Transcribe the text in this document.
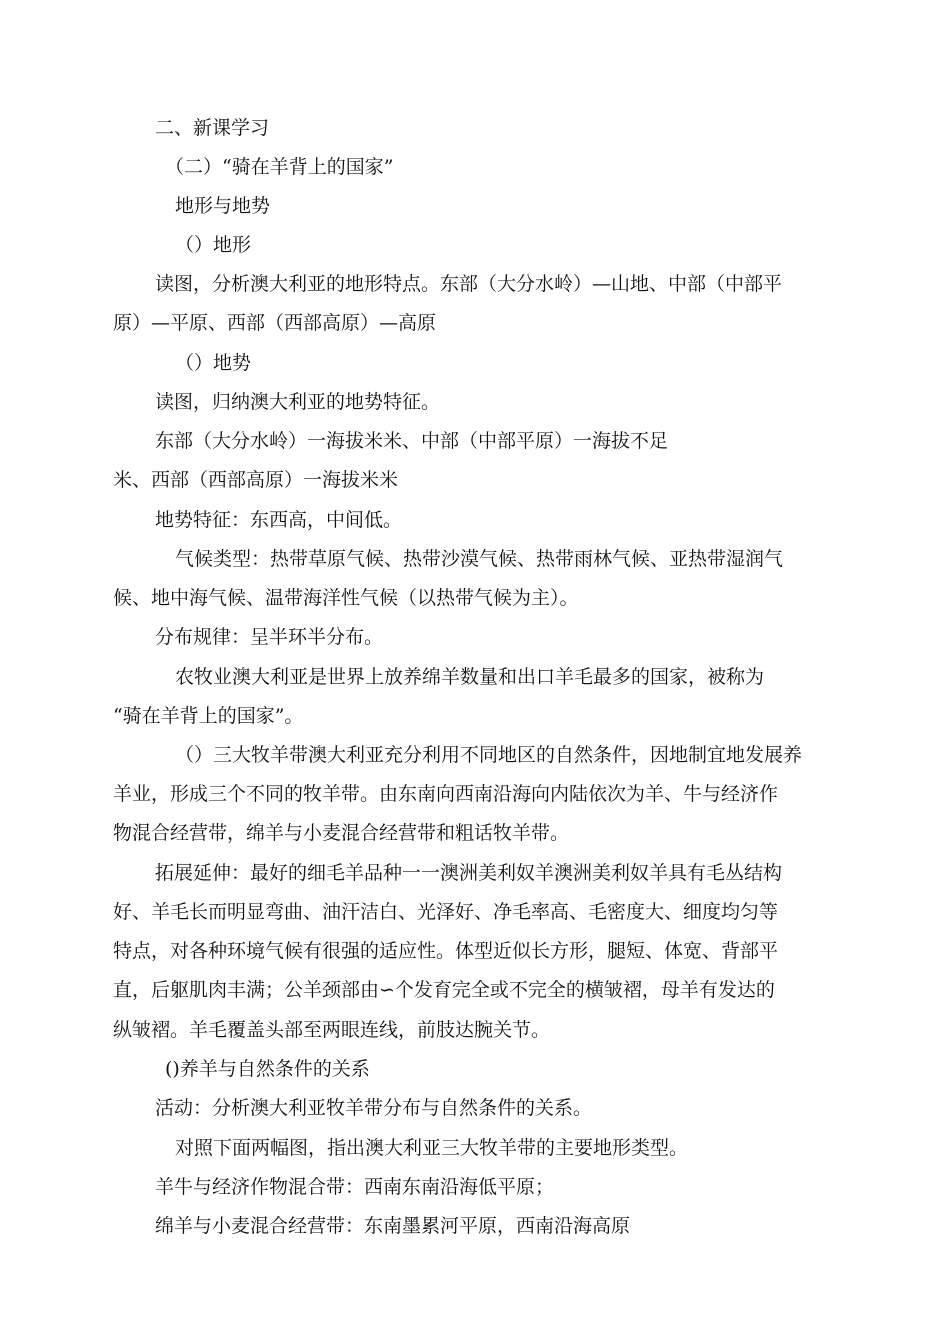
二、新课学习

（二）“骑在羊背上的国家”

地形与地势

（）地形

读图，分析澳大利亚的地形特点。东部（大分水岭）—山地、中部（中部平

原）—平原、西部（西部高原）—高原

（）地势

读图，归纳澳大利亚的地势特征。

东部（大分水岭）一海拔米米、中部（中部平原）一海拔不足

米、西部（西部高原）一海拔米米

地势特征：东西高，中间低。

气候类型：热带草原气候、热带沙漠气候、热带雨林气候、亚热带湿润气

候、地中海气候、温带海洋性气候（以热带气候为主）。

分布规律：呈半环半分布。

农牧业澳大利亚是世界上放养绵羊数量和出口羊毛最多的国家，被称为

“骑在羊背上的国家”。

（）三大牧羊带澳大利亚充分利用不同地区的自然条件，因地制宜地发展养

羊业，形成三个不同的牧羊带。由东南向西南沿海向内陆依次为羊、牛与经济作

物混合经营带，绵羊与小麦混合经营带和粗话牧羊带。

拓展延伸：最好的细毛羊品种一一澳洲美利奴羊澳洲美利奴羊具有毛丛结构

好、羊毛长而明显弯曲、油汗洁白、光泽好、净毛率高、毛密度大、细度均匀等

特点，对各种环境气候有很强的适应性。体型近似长方形，腿短、体宽、背部平

直，后躯肌肉丰满；公羊颈部由∽个发育完全或不完全的横皱褶，母羊有发达的

纵皱褶。羊毛覆盖头部至两眼连线，前肢达腕关节。

()养羊与自然条件的关系

活动：分析澳大利亚牧羊带分布与自然条件的关系。

对照下面两幅图，指出澳大利亚三大牧羊带的主要地形类型。

羊牛与经济作物混合带：西南东南沿海低平原；

绵羊与小麦混合经营带：东南墨累河平原，西南沿海高原
